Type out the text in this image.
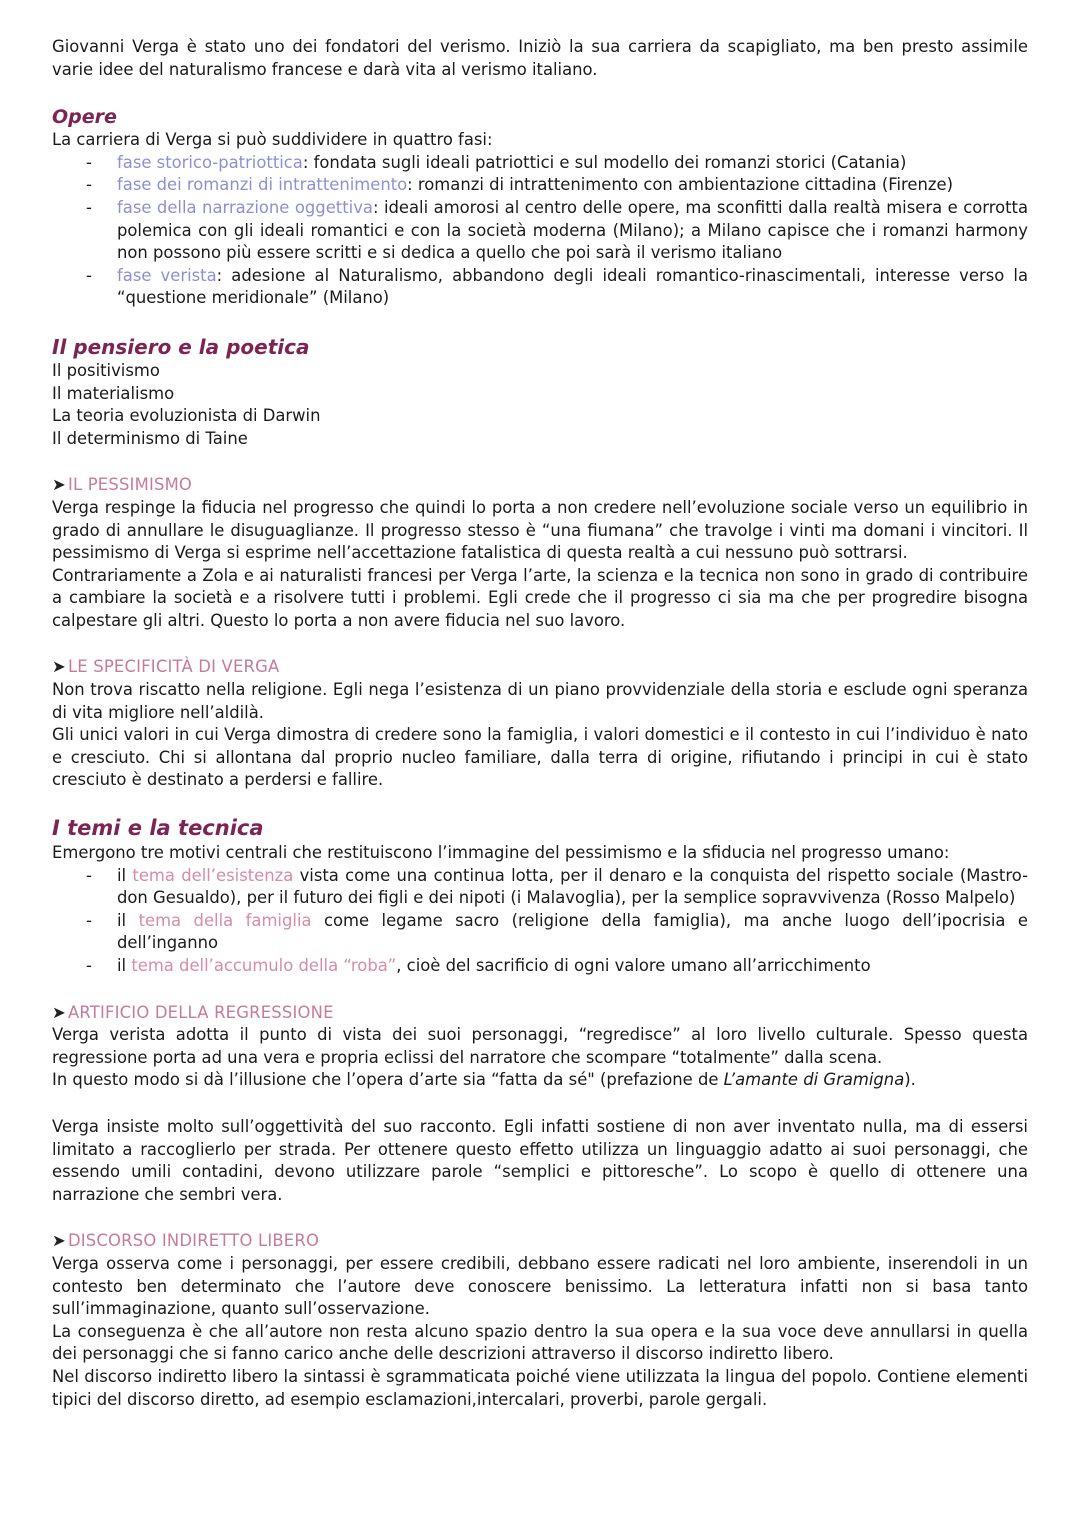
Giovanni Verga è stato uno dei fondatori del verismo. Iniziò la sua carriera da scapigliato, ma ben presto assimile varie idee del naturalismo francese e darà vita al verismo italiano.

Opere

La carriera di Verga si può suddividere in quattro fasi:

- fase storico-patriottica: fondata sugli ideali patriottici e sul modello dei romanzi storici (Catania)
- fase dei romanzi di intrattenimento: romanzi di intrattenimento con ambientazione cittadina (Firenze)
- fase della narrazione oggettiva: ideali amorosi al centro delle opere, ma sconfitti dalla realtà misera e corrotta polemica con gli ideali romantici e con la società moderna (Milano); a Milano capisce che i romanzi harmony non possono più essere scritti e si dedica a quello che poi sarà il verismo italiano
- fase verista: adesione al Naturalismo, abbandono degli ideali romantico-rinascimentali, interesse verso la “questione meridionale” (Milano)
Il pensiero e la poetica

Il positivismo

Il materialismo

La teoria evoluzionista di Darwin

Il determinismo di Taine

➤ IL PESSIMISMO

Verga respinge la fiducia nel progresso che quindi lo porta a non credere nell’evoluzione sociale verso un equilibrio in grado di annullare le disuguaglianze. Il progresso stesso è “una fiumana” che travolge i vinti ma domani i vincitori. Il pessimismo di Verga si esprime nell’accettazione fatalistica di questa realtà a cui nessuno può sottrarsi.

Contrariamente a Zola e ai naturalisti francesi per Verga l’arte, la scienza e la tecnica non sono in grado di contribuire a cambiare la società e a risolvere tutti i problemi. Egli crede che il progresso ci sia ma che per progredire bisogna calpestare gli altri. Questo lo porta a non avere fiducia nel suo lavoro.

➤ LE SPECIFICITÀ DI VERGA

Non trova riscatto nella religione. Egli nega l’esistenza di un piano provvidenziale della storia e esclude ogni speranza di vita migliore nell’aldilà.

Gli unici valori in cui Verga dimostra di credere sono la famiglia, i valori domestici e il contesto in cui l’individuo è nato e cresciuto. Chi si allontana dal proprio nucleo familiare, dalla terra di origine, rifiutando i principi in cui è stato cresciuto è destinato a perdersi e fallire.

I temi e la tecnica

Emergono tre motivi centrali che restituiscono l’immagine del pessimismo e la sfiducia nel progresso umano:

- il tema dell’esistenza vista come una continua lotta, per il denaro e la conquista del rispetto sociale (Mastro-don Gesualdo), per il futuro dei figli e dei nipoti (i Malavoglia), per la semplice sopravvivenza (Rosso Malpelo)
- il tema della famiglia come legame sacro (religione della famiglia), ma anche luogo dell’ipocrisia e dell’inganno
- il tema dell’accumulo della “roba”, cioè del sacrificio di ogni valore umano all’arricchimento

➤ ARTIFICIO DELLA REGRESSIONE

Verga verista adotta il punto di vista dei suoi personaggi, “regredisce” al loro livello culturale. Spesso questa regressione porta ad una vera e propria eclissi del narratore che scompare “totalmente” dalla scena.

In questo modo si dà l’illusione che l’opera d’arte sia “fatta da sé" (prefazione de L’amante di Gramigna).

Verga insiste molto sull’oggettività del suo racconto. Egli infatti sostiene di non aver inventato nulla, ma di essersi limitato a raccoglierlo per strada. Per ottenere questo effetto utilizza un linguaggio adatto ai suoi personaggi, che essendo umili contadini, devono utilizzare parole “semplici e pittoresche”. Lo scopo è quello di ottenere una narrazione che sembri vera.

➤ DISCORSO INDIRETTO LIBERO

Verga osserva come i personaggi, per essere credibili, debbano essere radicati nel loro ambiente, inserendoli in un contesto ben determinato che l’autore deve conoscere benissimo. La letteratura infatti non si basa tanto sull’immaginazione, quanto sull’osservazione.

La conseguenza è che all’autore non resta alcuno spazio dentro la sua opera e la sua voce deve annullarsi in quella dei personaggi che si fanno carico anche delle descrizioni attraverso il discorso indiretto libero.

Nel discorso indiretto libero la sintassi è sgrammaticata poiché viene utilizzata la lingua del popolo. Contiene elementi tipici del discorso diretto, ad esempio esclamazioni,intercalari, proverbi, parole gergali.
